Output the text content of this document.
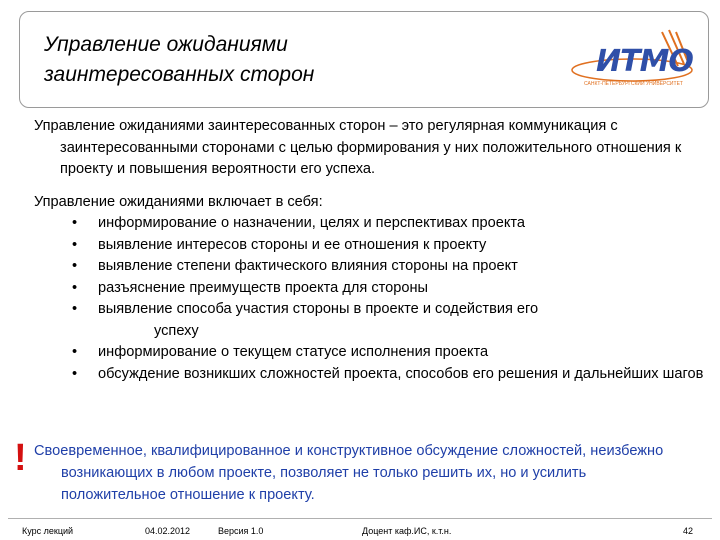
Управление ожиданиями
заинтересованных сторон	ИТМО
САНКТ-ПЕТЕРБУРГСКИЙ УНИВЕРСИТЕТ

Управление ожиданиями заинтересованных сторон – это регулярная коммуникация с заинтересованными сторонами с целью формирования у них положительного отношения к проекту и повышения вероятности его успеха.

Управление ожиданиями включает в себя:

• информирование о назначении, целях и перспективах проекта
• выявление интересов стороны и ее отношения к проекту
• выявление степени фактического влияния стороны на проект
• разъяснение преимуществ проекта для стороны
• выявление способа участия стороны в проекте и содействия его
успеху
• информирование о текущем статусе исполнения проекта
• обсуждение возникших сложностей проекта, способов его решения и дальнейших шагов
! Своевременное, квалифицированное и конструктивное обсуждение сложностей, неизбежно возникающих в любом проекте, позволяет не только решить их, но и усилить положительное отношение к проекту.
Курс лекций	04.02.2012	Версия 1.0	Доцент каф.ИС, к.т.н.	42
